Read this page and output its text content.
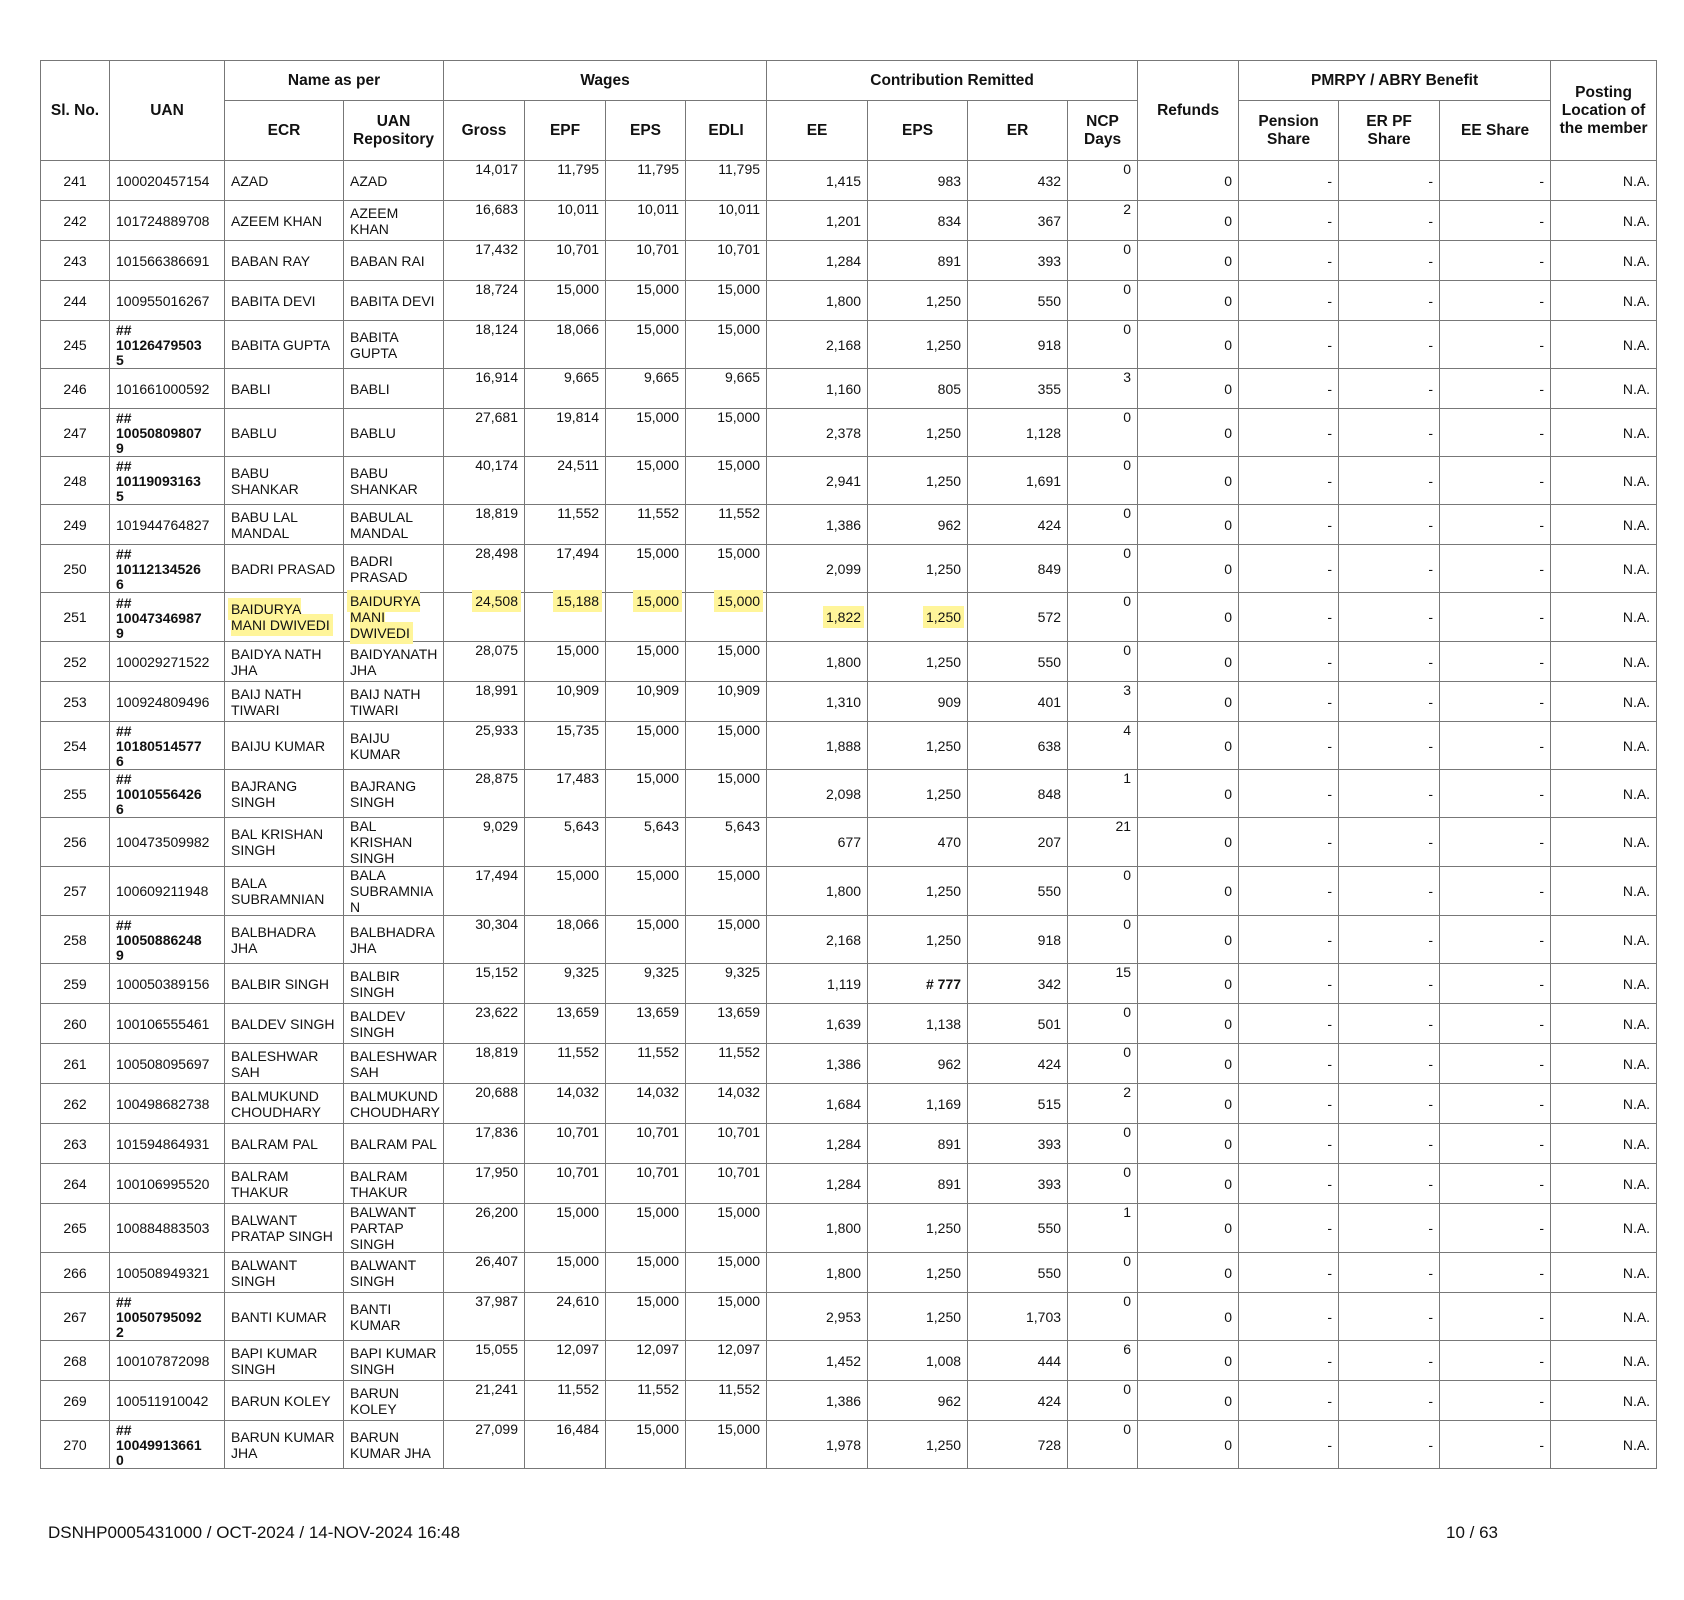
Sl. No.	UAN	Name as per		Wages				Contribution Remitted				Refunds	PMRPY / ABRY Benefit			Posting Location of the member
		ECR	UAN Repository	Gross	EPF	EPS	EDLI	EE	EPS	ER	NCP Days		Pension Share	ER PF Share	EE Share	
241	100020457154	AZAD	AZAD	14,017	11,795	11,795	11,795	1,415	983	432	0	0	-	-	-	N.A.
242	101724889708	AZEEM KHAN	AZEEM KHAN	16,683	10,011	10,011	10,011	1,201	834	367	2	0	-	-	-	N.A.
243	101566386691	BABAN RAY	BABAN RAI	17,432	10,701	10,701	10,701	1,284	891	393	0	0	-	-	-	N.A.
244	100955016267	BABITA DEVI	BABITA DEVI	18,724	15,000	15,000	15,000	1,800	1,250	550	0	0	-	-	-	N.A.
245	##
10126479503
5	BABITA GUPTA	BABITA
GUPTA	18,124	18,066	15,000	15,000	2,168	1,250	918	0	0	-	-	-	N.A.
246	101661000592	BABLI	BABLI	16,914	9,665	9,665	9,665	1,160	805	355	3	0	-	-	-	N.A.
247	##
10050809807
9	BABLU	BABLU	27,681	19,814	15,000	15,000	2,378	1,250	1,128	0	0	-	-	-	N.A.
248	##
10119093163
5	BABU SHANKAR	BABU
SHANKAR	40,174	24,511	15,000	15,000	2,941	1,250	1,691	0	0	-	-	-	N.A.
249	101944764827	BABU LAL
MANDAL	BABULAL
MANDAL	18,819	11,552	11,552	11,552	1,386	962	424	0	0	-	-	-	N.A.
250	##
10112134526
6	BADRI PRASAD	BADRI
PRASAD	28,498	17,494	15,000	15,000	2,099	1,250	849	0	0	-	-	-	N.A.
251	##
10047346987
9	BAIDURYA
MANI DWIVEDI	BAIDURYA
MANI
DWIVEDI	24,508	15,188	15,000	15,000	1,822	1,250	572	0	0	-	-	-	N.A.
252	100029271522	BAIDYA NATH
JHA	BAIDYANATH
JHA	28,075	15,000	15,000	15,000	1,800	1,250	550	0	0	-	-	-	N.A.
253	100924809496	BAIJ NATH
TIWARI	BAIJ NATH
TIWARI	18,991	10,909	10,909	10,909	1,310	909	401	3	0	-	-	-	N.A.
254	##
10180514577
6	BAIJU KUMAR	BAIJU KUMAR	25,933	15,735	15,000	15,000	1,888	1,250	638	4	0	-	-	-	N.A.
255	##
10010556426
6	BAJRANG
SINGH	BAJRANG
SINGH	28,875	17,483	15,000	15,000	2,098	1,250	848	1	0	-	-	-	N.A.
256	100473509982	BAL KRISHAN
SINGH	BAL KRISHAN
SINGH	9,029	5,643	5,643	5,643	677	470	207	21	0	-	-	-	N.A.
257	100609211948	BALA
SUBRAMNIAN	BALA
SUBRAMNIA
N	17,494	15,000	15,000	15,000	1,800	1,250	550	0	0	-	-	-	N.A.
258	##
10050886248
9	BALBHADRA
JHA	BALBHADRA
JHA	30,304	18,066	15,000	15,000	2,168	1,250	918	0	0	-	-	-	N.A.
259	100050389156	BALBIR SINGH	BALBIR
SINGH	15,152	9,325	9,325	9,325	1,119	# 777	342	15	0	-	-	-	N.A.
260	100106555461	BALDEV SINGH	BALDEV
SINGH	23,622	13,659	13,659	13,659	1,639	1,138	501	0	0	-	-	-	N.A.
261	100508095697	BALESHWAR
SAH	BALESHWAR
SAH	18,819	11,552	11,552	11,552	1,386	962	424	0	0	-	-	-	N.A.
262	100498682738	BALMUKUND
CHOUDHARY	BALMUKUND
CHOUDHARY	20,688	14,032	14,032	14,032	1,684	1,169	515	2	0	-	-	-	N.A.
263	101594864931	BALRAM PAL	BALRAM PAL	17,836	10,701	10,701	10,701	1,284	891	393	0	0	-	-	-	N.A.
264	100106995520	BALRAM
THAKUR	BALRAM
THAKUR	17,950	10,701	10,701	10,701	1,284	891	393	0	0	-	-	-	N.A.
265	100884883503	BALWANT
PRATAP SINGH	BALWANT
PARTAP
SINGH	26,200	15,000	15,000	15,000	1,800	1,250	550	1	0	-	-	-	N.A.
266	100508949321	BALWANT
SINGH	BALWANT
SINGH	26,407	15,000	15,000	15,000	1,800	1,250	550	0	0	-	-	-	N.A.
267	##
10050795092
2	BANTI KUMAR	BANTI
KUMAR	37,987	24,610	15,000	15,000	2,953	1,250	1,703	0	0	-	-	-	N.A.
268	100107872098	BAPI KUMAR
SINGH	BAPI KUMAR
SINGH	15,055	12,097	12,097	12,097	1,452	1,008	444	6	0	-	-	-	N.A.
269	100511910042	BARUN KOLEY	BARUN
KOLEY	21,241	11,552	11,552	11,552	1,386	962	424	0	0	-	-	-	N.A.
270	##
10049913661
0	BARUN KUMAR
JHA	BARUN
KUMAR JHA	27,099	16,484	15,000	15,000	1,978	1,250	728	0	0	-	-	-	N.A.
DSNHP0005431000 / OCT-2024 / 14-NOV-2024 16:48	10 / 63
